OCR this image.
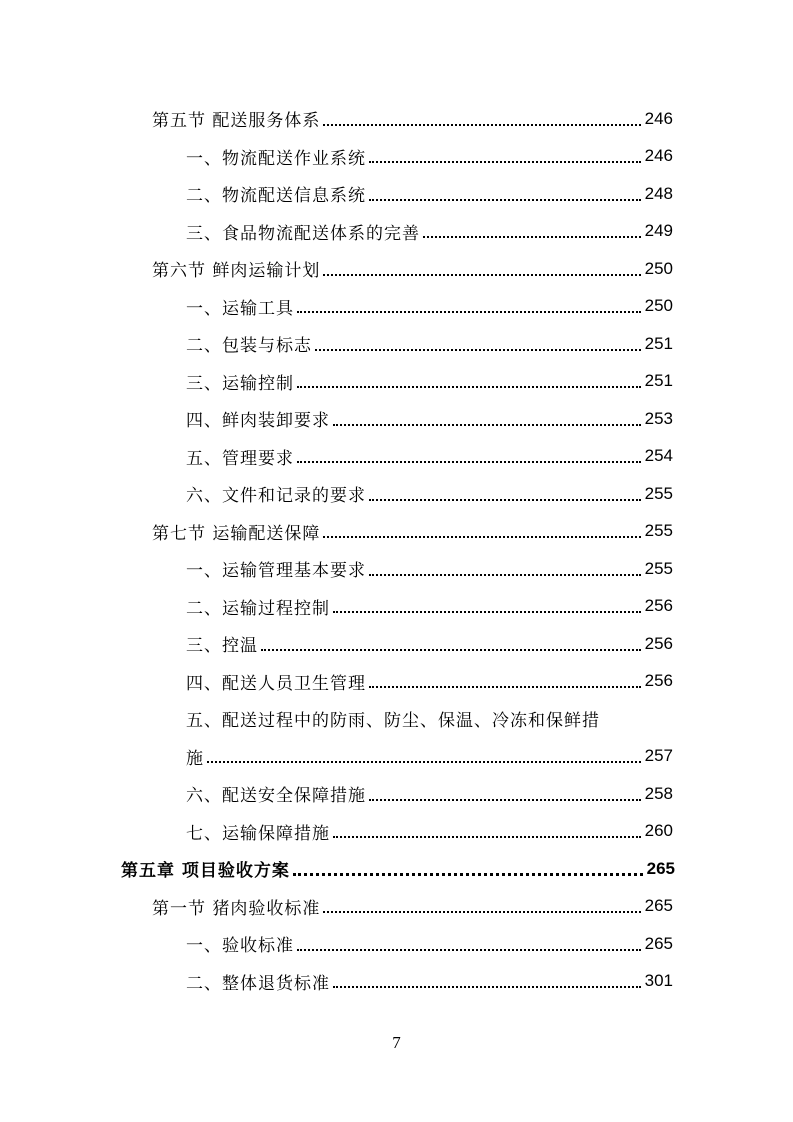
第五节 配送服务体系	246
一、物流配送作业系统	246
二、物流配送信息系统	248
三、食品物流配送体系的完善	249
第六节 鲜肉运输计划	250
一、运输工具	250
二、包装与标志	251
三、运输控制	251
四、鲜肉装卸要求	253
五、管理要求	254
六、文件和记录的要求	255
第七节 运输配送保障	255
一、运输管理基本要求	255
二、运输过程控制	256
三、控温	256
四、配送人员卫生管理	256
五、配送过程中的防雨、防尘、保温、冷冻和保鲜措
施	257
六、配送安全保障措施	258
七、运输保障措施	260
第五章 项目验收方案	265
第一节 猪肉验收标准	265
一、验收标准	265
二、整体退货标准	301
7
